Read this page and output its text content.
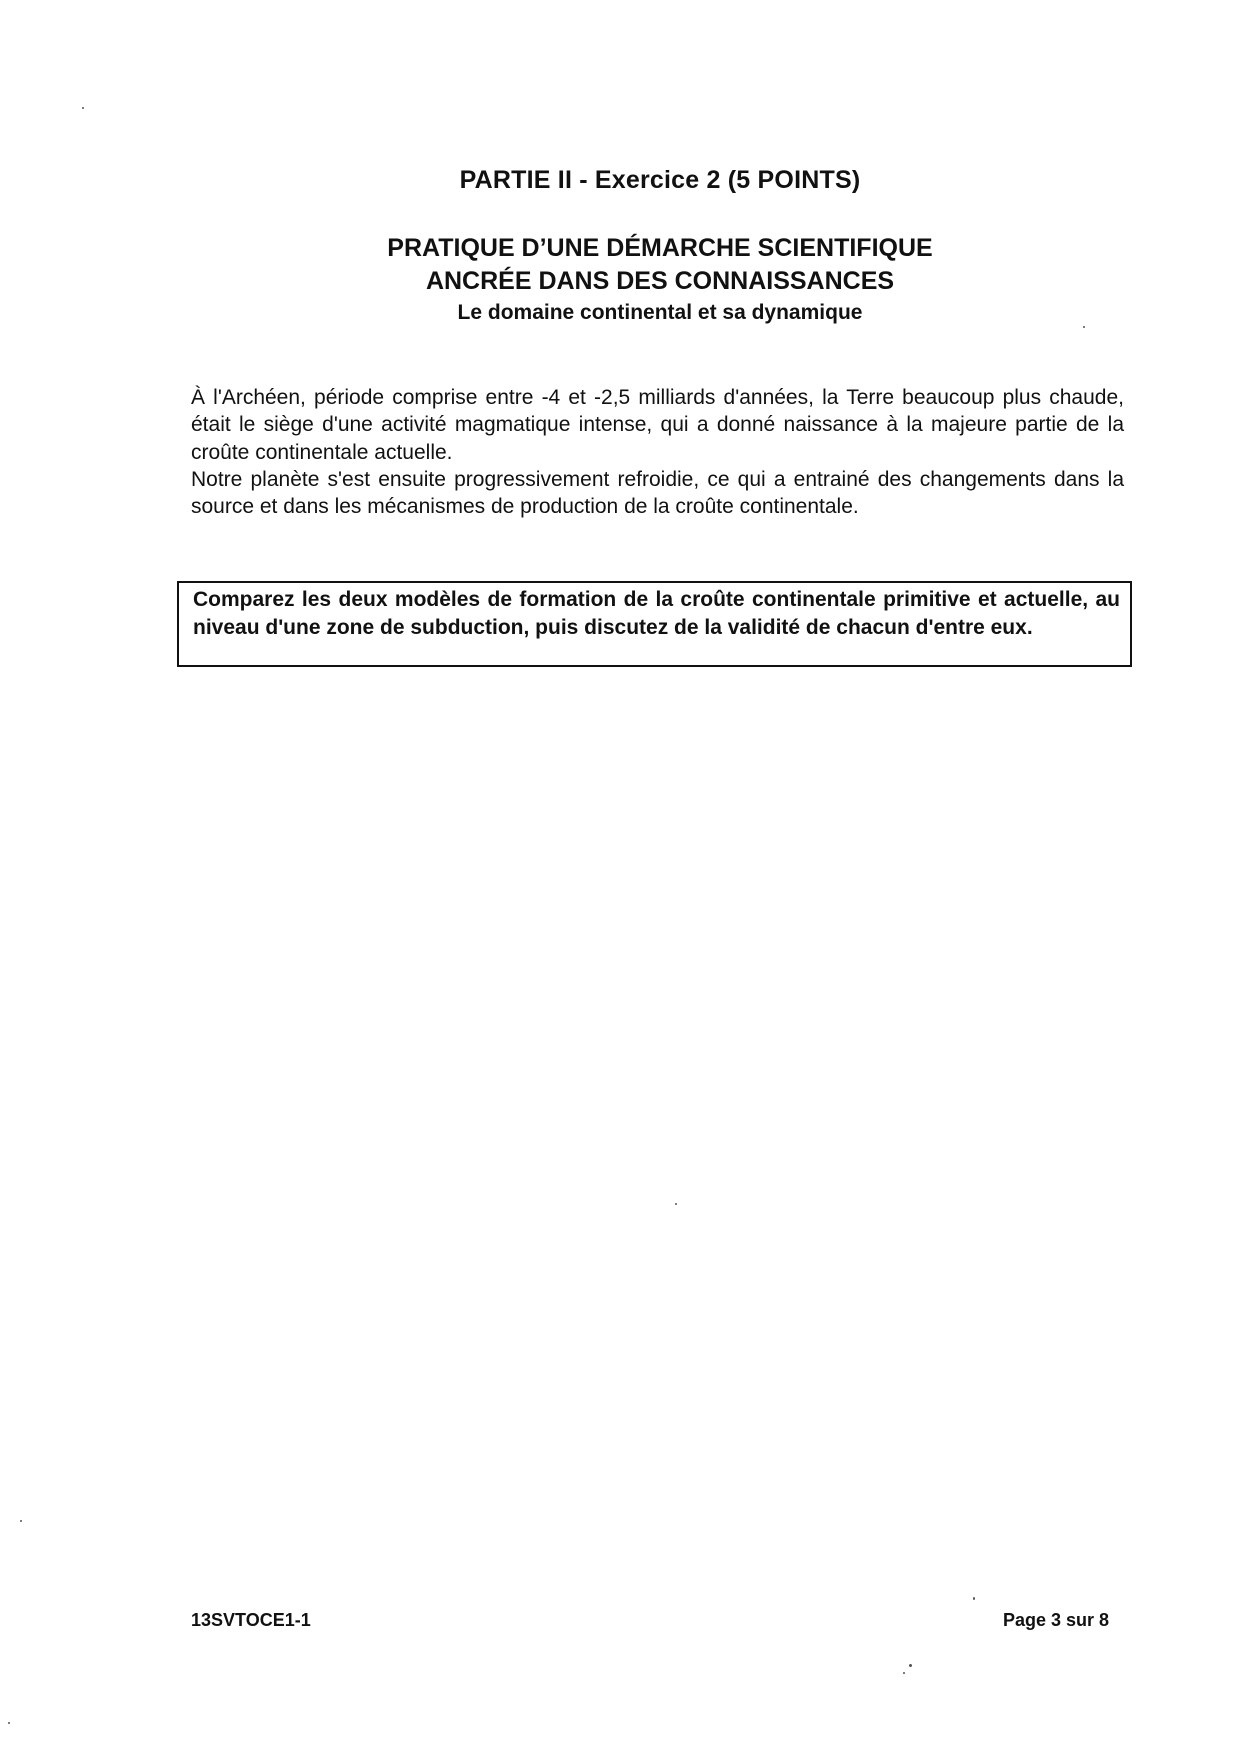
PARTIE II - Exercice 2 (5 POINTS)
PRATIQUE D’UNE DÉMARCHE SCIENTIFIQUE
ANCRÉE DANS DES CONNAISSANCES
Le domaine continental et sa dynamique

À l'Archéen, période comprise entre -4 et -2,5 milliards d'années, la Terre beaucoup plus chaude, était le siège d'une activité magmatique intense, qui a donné naissance à la majeure partie de la croûte continentale actuelle.

Notre planète s'est ensuite progressivement refroidie, ce qui a entrainé des changements dans la source et dans les mécanismes de production de la croûte continentale.

Comparez les deux modèles de formation de la croûte continentale primitive et actuelle, au niveau d'une zone de subduction, puis discutez de la validité de chacun d'entre eux.
13SVTOCE1-1	Page 3 sur 8
